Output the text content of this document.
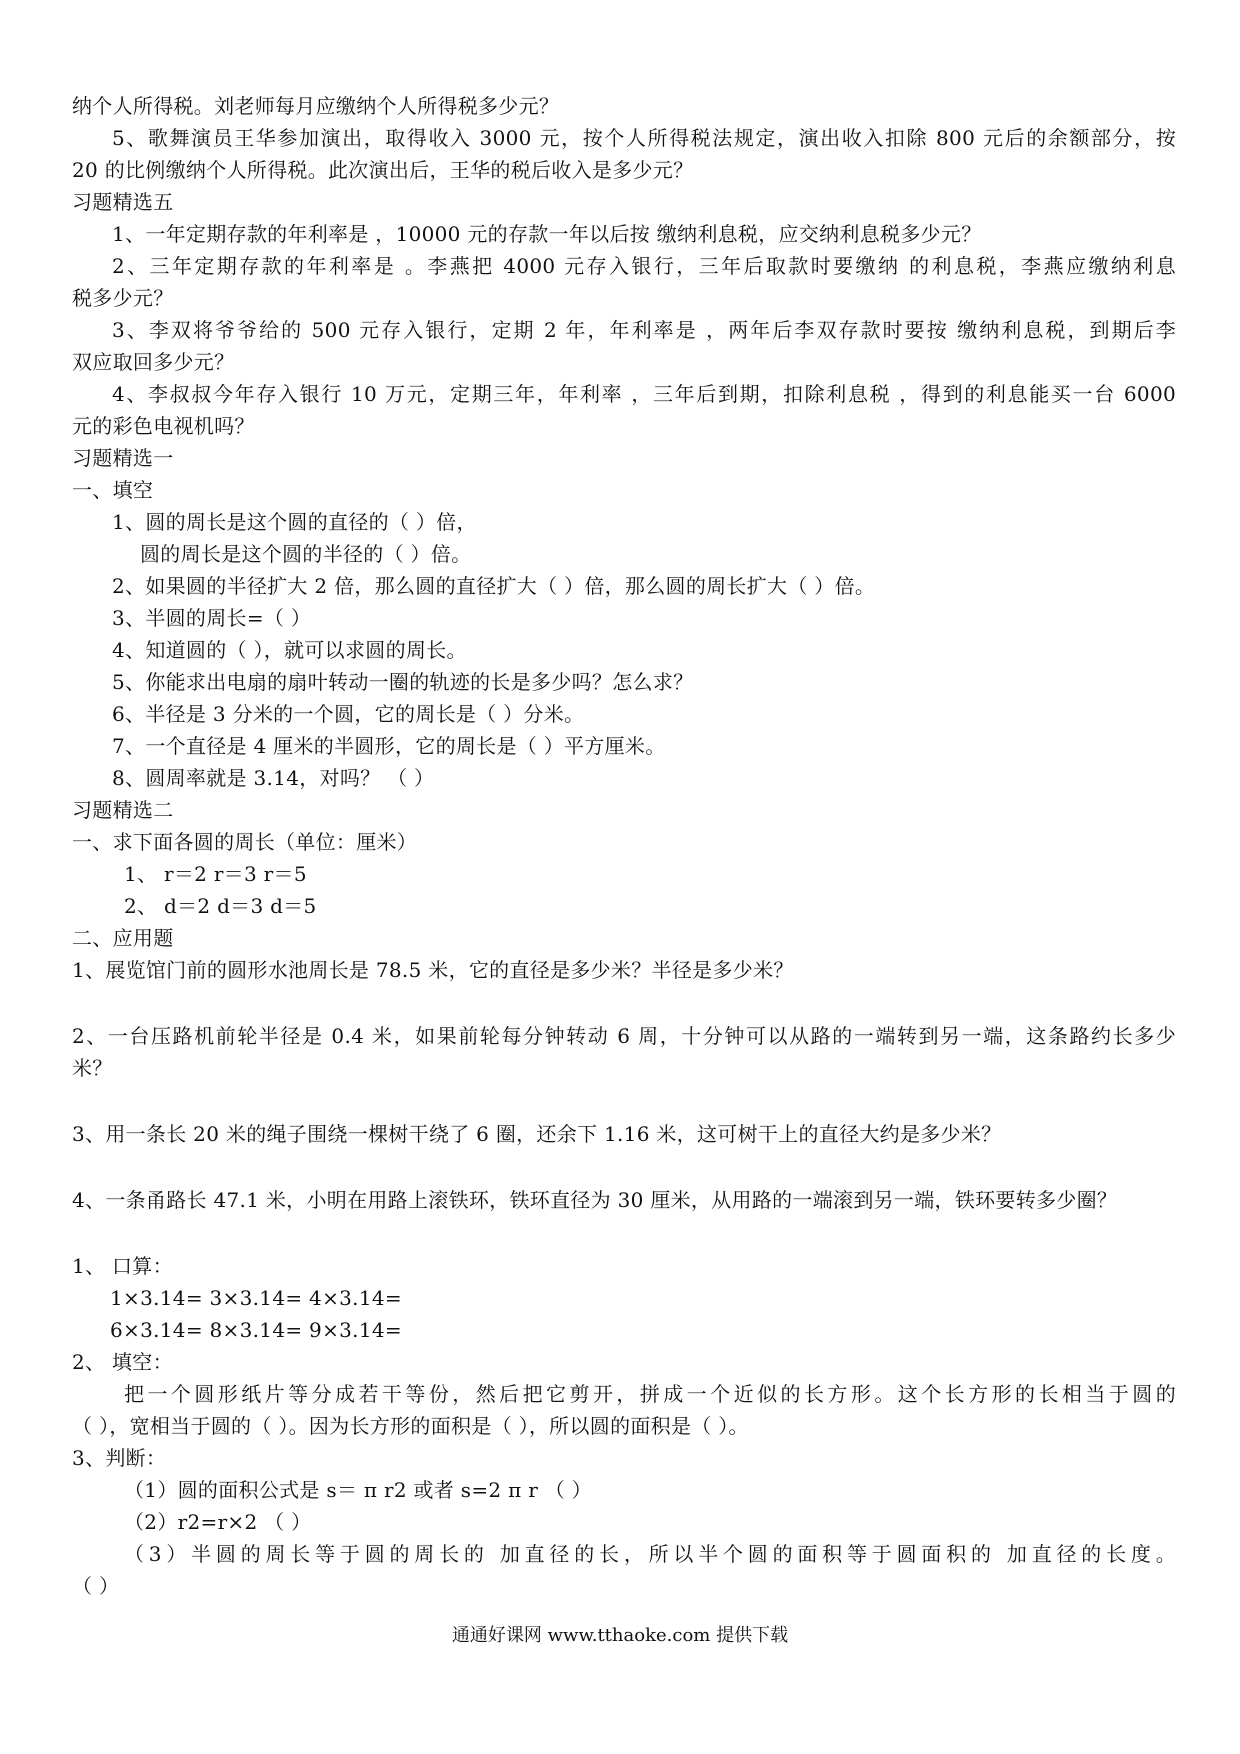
纳个人所得税。刘老师每月应缴纳个人所得税多少元？
5、歌舞演员王华参加演出，取得收入 3000 元，按个人所得税法规定，演出收入扣除 800 元后的余额部分，按
20 的比例缴纳个人所得税。此次演出后，王华的税后收入是多少元？
习题精选五
1、一年定期存款的年利率是 ，10000 元的存款一年以后按 缴纳利息税，应交纳利息税多少元？
2、三年定期存款的年利率是 。李燕把 4000 元存入银行，三年后取款时要缴纳 的利息税，李燕应缴纳利息
税多少元？
3、李双将爷爷给的 500 元存入银行，定期 2 年，年利率是 ，两年后李双存款时要按 缴纳利息税，到期后李
双应取回多少元？
4、李叔叔今年存入银行 10 万元，定期三年，年利率 ，三年后到期，扣除利息税 ，得到的利息能买一台 6000
元的彩色电视机吗？
习题精选一
一、填空
1、圆的周长是这个圆的直径的（ ）倍，
圆的周长是这个圆的半径的（ ）倍。
2、如果圆的半径扩大 2 倍，那么圆的直径扩大（ ）倍，那么圆的周长扩大（ ）倍。
3、半圆的周长=（ ）
4、知道圆的（ ），就可以求圆的周长。
5、你能求出电扇的扇叶转动一圈的轨迹的长是多少吗？怎么求？
6、半径是 3 分米的一个圆，它的周长是（ ）分米。
7、一个直径是 4 厘米的半圆形，它的周长是（ ）平方厘米。
8、圆周率就是 3.14，对吗？ （ ）
习题精选二
一、求下面各圆的周长（单位：厘米）
1、 r＝2 r＝3 r＝5
2、 d＝2 d＝3 d＝5
二、应用题
1、展览馆门前的圆形水池周长是 78.5 米，它的直径是多少米？半径是多少米？
2、一台压路机前轮半径是 0.4 米，如果前轮每分钟转动 6 周，十分钟可以从路的一端转到另一端，这条路约长多少
米？
3、用一条长 20 米的绳子围绕一棵树干绕了 6 圈，还余下 1.16 米，这可树干上的直径大约是多少米？
4、一条甬路长 47.1 米，小明在用路上滚铁环，铁环直径为 30 厘米，从用路的一端滚到另一端，铁环要转多少圈？
1、 口算：
1×3.14= 3×3.14= 4×3.14=
6×3.14= 8×3.14= 9×3.14=
2、 填空：
把一个圆形纸片等分成若干等份，然后把它剪开，拼成一个近似的长方形。这个长方形的长相当于圆的
（ ），宽相当于圆的（ ）。因为长方形的面积是（ ），所以圆的面积是（ ）。
3、判断：
（1）圆的面积公式是 s＝ π r2 或者 s=2 π r （ ）
（2）r2=r×2 （ ）
（3）半圆的周长等于圆的周长的 加直径的长，所以半个圆的面积等于圆面积的 加直径的长度。
（ ）
通通好课网 www.tthaoke.com 提供下载
